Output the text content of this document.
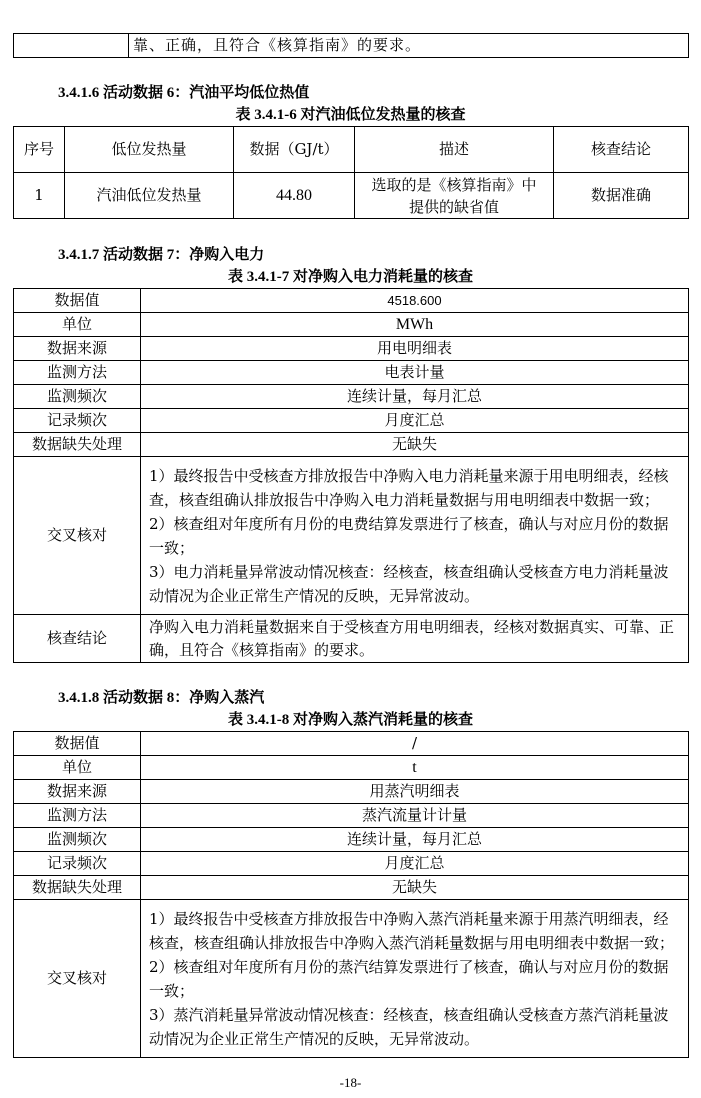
	靠、正确，且符合《核算指南》的要求。
3.4.1.6 活动数据 6：汽油平均低位热值
表 3.4.1-6 对汽油低位发热量的核查
序号	低位发热量	数据（GJ/t）	描述	核查结论
1	汽油低位发热量	44.80	选取的是《核算指南》中提供的缺省值	数据准确
3.4.1.7 活动数据 7：净购入电力
表 3.4.1-7 对净购入电力消耗量的核查
数据值	4518.600
单位	MWh
数据来源	用电明细表
监测方法	电表计量
监测频次	连续计量，每月汇总
记录频次	月度汇总
数据缺失处理	无缺失
交叉核对	1）最终报告中受核查方排放报告中净购入电力消耗量来源于用电明细表，经核查，核查组确认排放报告中净购入电力消耗量数据与用电明细表中数据一致；

2）核查组对年度所有月份的电费结算发票进行了核查，确认与对应月份的数据一致；

3）电力消耗量异常波动情况核查：经核查，核查组确认受核查方电力消耗量波动情况为企业正常生产情况的反映，无异常波动。

核查结论	净购入电力消耗量数据来自于受核查方用电明细表，经核对数据真实、可靠、正确，且符合《核算指南》的要求。
3.4.1.8 活动数据 8：净购入蒸汽
表 3.4.1-8 对净购入蒸汽消耗量的核查
数据值	/
单位	t
数据来源	用蒸汽明细表
监测方法	蒸汽流量计计量
监测频次	连续计量，每月汇总
记录频次	月度汇总
数据缺失处理	无缺失
交叉核对	1）最终报告中受核查方排放报告中净购入蒸汽消耗量来源于用蒸汽明细表，经核查，核查组确认排放报告中净购入蒸汽消耗量数据与用电明细表中数据一致；

2）核查组对年度所有月份的蒸汽结算发票进行了核查，确认与对应月份的数据一致；

3）蒸汽消耗量异常波动情况核查：经核查，核查组确认受核查方蒸汽消耗量波动情况为企业正常生产情况的反映，无异常波动。

-18-
